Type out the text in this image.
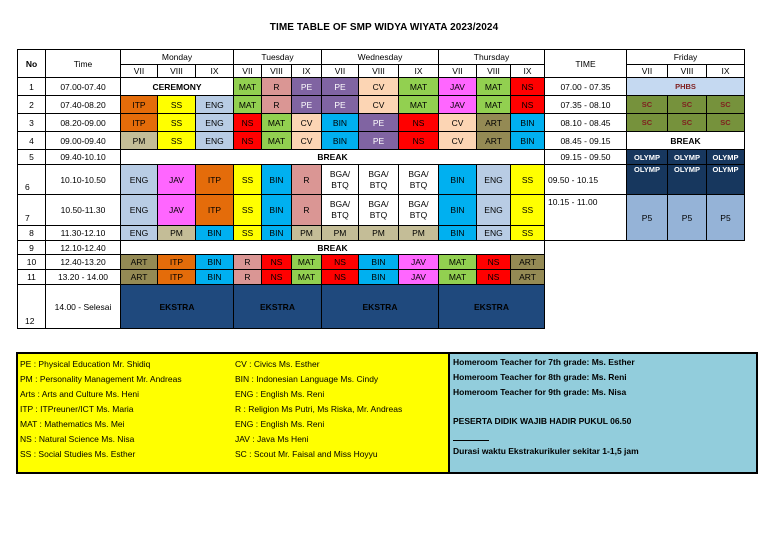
TIME TABLE OF SMP WIDYA WIYATA 2023/2024
No	Time	Monday			Tuesday			Wednesday			Thursday			TIME	Friday		
		VII	VIII	IX	VII	VIII	IX	VII	VIII	IX	VII	VIII	IX		VII	VIII	IX
1	07.00-07.40	CEREMONY			MAT	R	PE	PE	CV	MAT	JAV	MAT	NS	07.00 - 07.35	PHBS		
2	07.40-08.20	ITP	SS	ENG	MAT	R	PE	PE	CV	MAT	JAV	MAT	NS	07.35 - 08.10	SC	SC	SC
3	08.20-09.00	ITP	SS	ENG	NS	MAT	CV	BIN	PE	NS	CV	ART	BIN	08.10 - 08.45	SC	SC	SC
4	09.00-09.40	PM	SS	ENG	NS	MAT	CV	BIN	PE	NS	CV	ART	BIN	08.45 - 09.15	BREAK		
5	09.40-10.10	BREAK												09.15 - 09.50	OLYMP	OLYMP	OLYMP
6	10.10-10.50	ENG	JAV	ITP	SS	BIN	R	BGA/ BTQ	BGA/ BTQ	BGA/ BTQ	BIN	ENG	SS	09.50 - 10.15	OLYMP	OLYMP	OLYMP
7	10.50-11.30	ENG	JAV	ITP	SS	BIN	R	BGA/ BTQ	BGA/ BTQ	BGA/ BTQ	BIN	ENG	SS	10.15 - 11.00	P5	P5	P5
8	11.30-12.10	ENG	PM	BIN	SS	BIN	PM	PM	PM	PM	BIN	ENG	SS				
9	12.10-12.40	BREAK															
10	12.40-13.20	ART	ITP	BIN	R	NS	MAT	NS	BIN	JAV	MAT	NS	ART				
11	13.20 - 14.00	ART	ITP	BIN	R	NS	MAT	NS	BIN	JAV	MAT	NS	ART				
12	14.00 - Selesai	EKSTRA			EKSTRA			EKSTRA			EKSTRA						
PE : Physical Education Mr. Shidiq
PM : Personality Management Mr. Andreas
Arts : Arts and Culture Ms. Heni
ITP : ITPreuner/ICT Ms. Maria
MAT : Mathematics Ms. Mei
NS : Natural Science Ms. Nisa
SS : Social Studies Ms. Esther
CV : Civics Ms. Esther
BIN : Indonesian Language Ms. Cindy
ENG : English Ms. Reni
R : Religion Ms Putri, Ms Riska, Mr. Andreas
ENG : English Ms. Reni
JAV : Java Ms Heni
SC : Scout Mr. Faisal and Miss Hoyyu
Homeroom Teacher for 7th grade: Ms. Esther
Homeroom Teacher for 8th grade: Ms. Reni
Homeroom Teacher for 9th grade: Ms. Nisa
PESERTA DIDIK WAJIB HADIR PUKUL 06.50
Durasi waktu Ekstrakurikuler sekitar 1-1,5 jam
